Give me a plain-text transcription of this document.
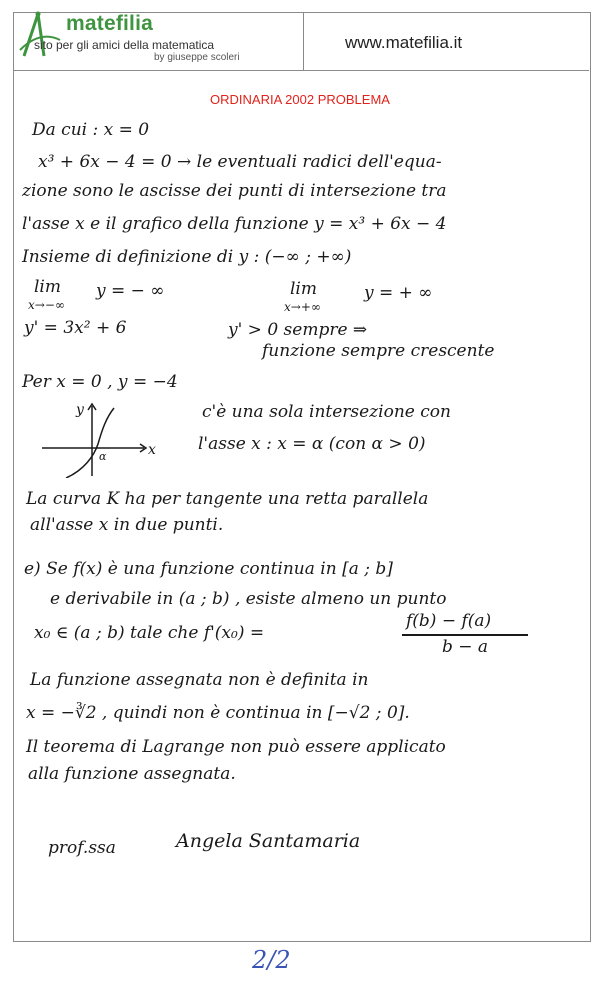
matefilia
sito per gli amici della matematica
by giuseppe scoleri
www.matefilia.it
ORDINARIA 2002 PROBLEMA
Da cui : x = 0
x³ + 6x − 4 = 0 → le eventuali radici dell'equa-
zione sono le ascisse dei punti di intersezione tra
l'asse x e il grafico della funzione y = x³ + 6x − 4
Insieme di definizione di y : (−∞ ; +∞)
lim
x→−∞
y = − ∞	lim
x→+∞
y = + ∞
y' = 3x² + 6	y' > 0 sempre ⇒
funzione sempre crescente
Per x = 0 , y = −4
y
x
α
c'è una sola intersezione con
l'asse x : x = α (con α > 0)
La curva K ha per tangente una retta parallela
all'asse x in due punti.
e) Se f(x) è una funzione continua in [a ; b]
e derivabile in (a ; b) , esiste almeno un punto
x₀ ∈ (a ; b) tale che f'(x₀) =
f(b) − f(a)
b − a
La funzione assegnata non è definita in
x = −∛2 , quindi non è continua in [−√2 ; 0].
Il teorema di Lagrange non può essere applicato
alla funzione assegnata.
prof.ssa	Angela Santamaria
2/2
